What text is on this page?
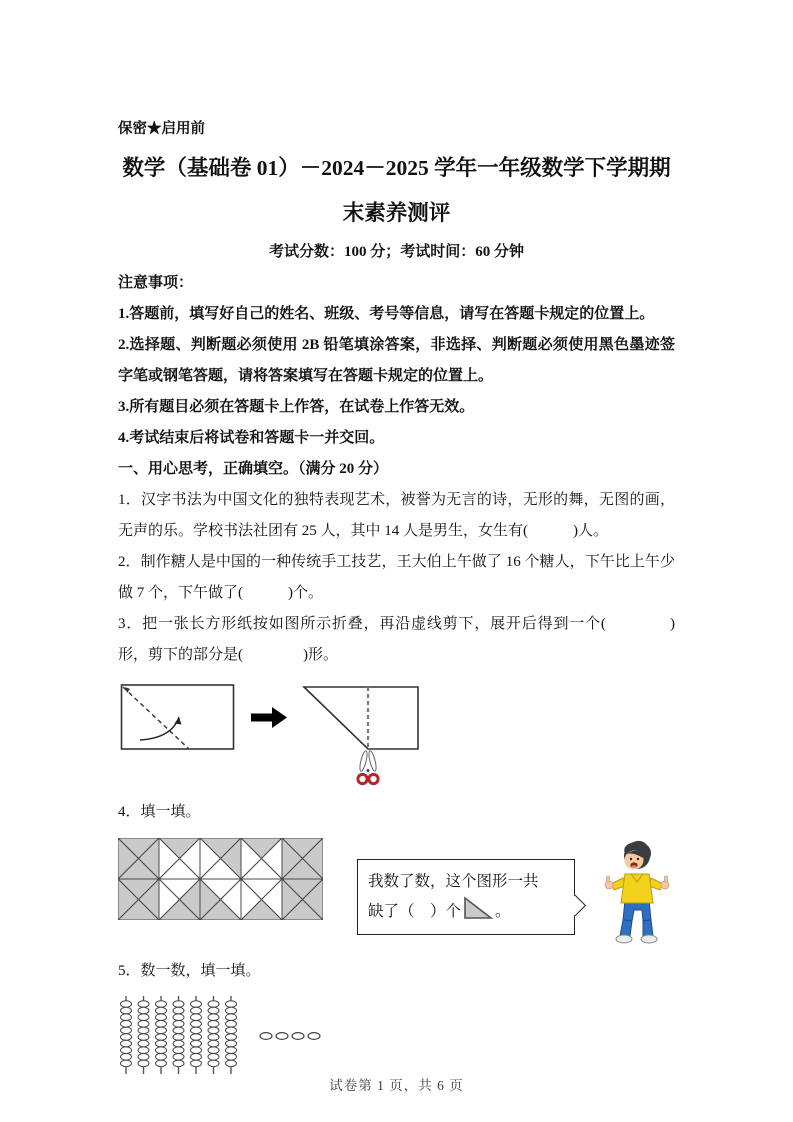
保密★启用前
数学（基础卷 01）－2024－2025 学年一年级数学下学期期末素养测评

考试分数：100 分；考试时间：60 分钟

注意事项：

1.答题前，填写好自己的姓名、班级、考号等信息，请写在答题卡规定的位置上。

2.选择题、判断题必须使用 2B 铅笔填涂答案，非选择、判断题必须使用黑色墨迹签字笔或钢笔答题，请将答案填写在答题卡规定的位置上。

3.所有题目必须在答题卡上作答，在试卷上作答无效。

4.考试结束后将试卷和答题卡一并交回。

一、用心思考，正确填空。（满分 20 分）

1．汉字书法为中国文化的独特表现艺术，被誉为无言的诗，无形的舞，无图的画，无声的乐。学校书法社团有 25 人，其中 14 人是男生，女生有(　　　)人。

2．制作糖人是中国的一种传统手工技艺，王大伯上午做了 16 个糖人，下午比上午少做 7 个，下午做了(　　　)个。

3．把一张长方形纸按如图所示折叠，再沿虚线剪下，展开后得到一个(　　　　)形，剪下的部分是(　　　　)形。

4．填一填。

我数了数，这个图形一共
缺了（　）个 。

5．数一数，填一填。

试卷第 1 页，共 6 页
